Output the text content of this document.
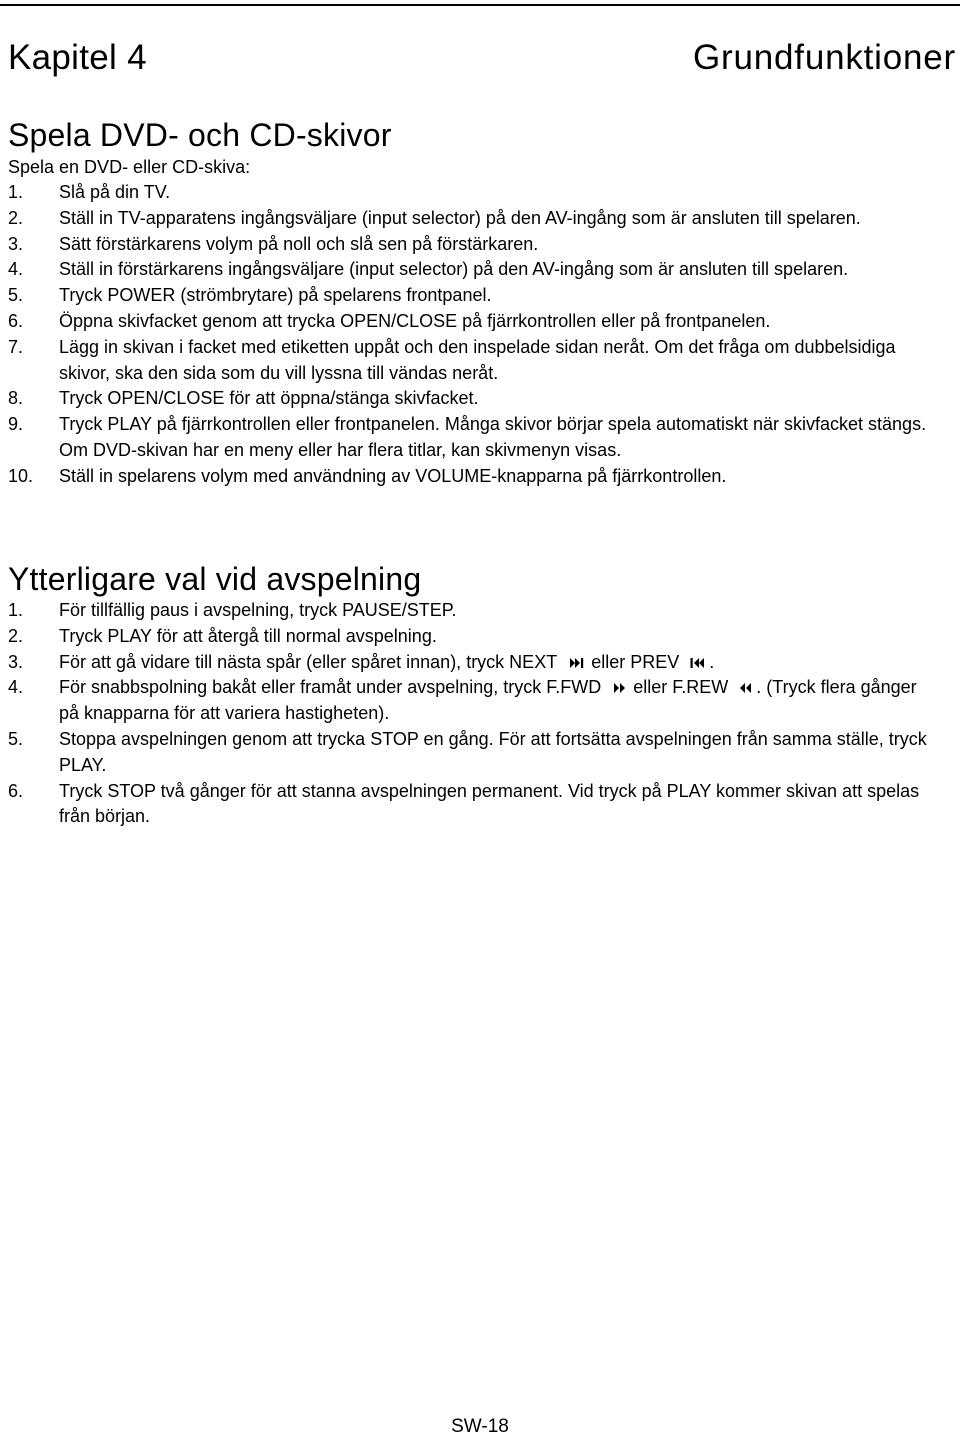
Kapitel 4	Grundfunktioner
Spela DVD- och CD-skivor
Spela en DVD- eller CD-skiva:
1.	Slå på din TV.
2.	Ställ in TV-apparatens ingångsväljare (input selector) på den AV-ingång som är ansluten till spelaren.
3.	Sätt förstärkarens volym på noll och slå sen på förstärkaren.
4.	Ställ in förstärkarens ingångsväljare (input selector) på den AV-ingång som är ansluten till spelaren.
5.	Tryck POWER (strömbrytare) på spelarens frontpanel.
6.	Öppna skivfacket genom att trycka OPEN/CLOSE på fjärrkontrollen eller på frontpanelen.
7.	Lägg in skivan i facket med etiketten uppåt och den inspelade sidan neråt. Om det fråga om dubbelsidiga skivor, ska den sida som du vill lyssna till vändas neråt.
8.	Tryck OPEN/CLOSE för att öppna/stänga skivfacket.
9.	Tryck PLAY på fjärrkontrollen eller frontpanelen. Många skivor börjar spela automatiskt när skivfacket stängs. Om DVD-skivan har en meny eller har flera titlar, kan skivmenyn visas.
10.	Ställ in spelarens volym med användning av VOLUME-knapparna på fjärrkontrollen.
Ytterligare val vid avspelning
1.	För tillfällig paus i avspelning, tryck PAUSE/STEP.
2.	Tryck PLAY för att återgå till normal avspelning.
3.	För att gå vidare till nästa spår (eller spåret innan), tryck NEXT eller PREV .
4.	För snabbspolning bakåt eller framåt under avspelning, tryck F.FWD eller F.REW . (Tryck flera gånger på knapparna för att variera hastigheten).
5.	Stoppa avspelningen genom att trycka STOP en gång. För att fortsätta avspelningen från samma ställe, tryck PLAY.
6.	Tryck STOP två gånger för att stanna avspelningen permanent. Vid tryck på PLAY kommer skivan att spelas från början.
SW-18
